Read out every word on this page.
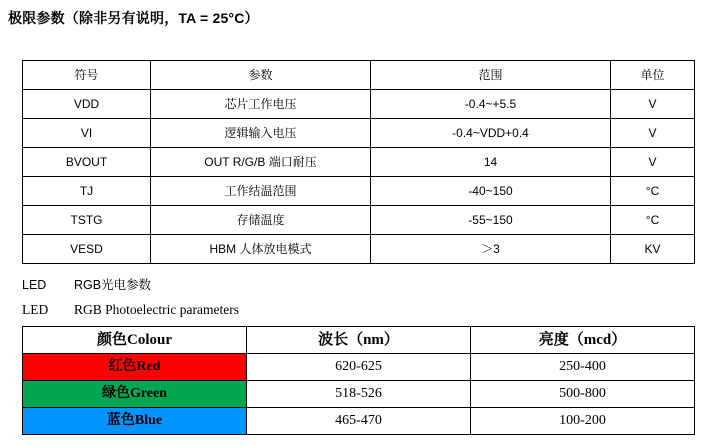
极限参数（除非另有说明，TA = 25°C）
符号	参数	范围	单位
VDD	芯片工作电压	-0.4~+5.5	V
VI	逻辑输入电压	-0.4~VDD+0.4	V
BVOUT	OUT R/G/B 端口耐压	14	V
TJ	工作结温范围	-40~150	°C
TSTG	存储温度	-55~150	°C
VESD	HBM 人体放电模式	＞3	KV
LED RGB光电参数
LED RGB Photoelectric parameters
颜色Colour	波长（nm）	亮度（mcd）
红色Red	620-625	250-400
绿色Green	518-526	500-800
蓝色Blue	465-470	100-200
